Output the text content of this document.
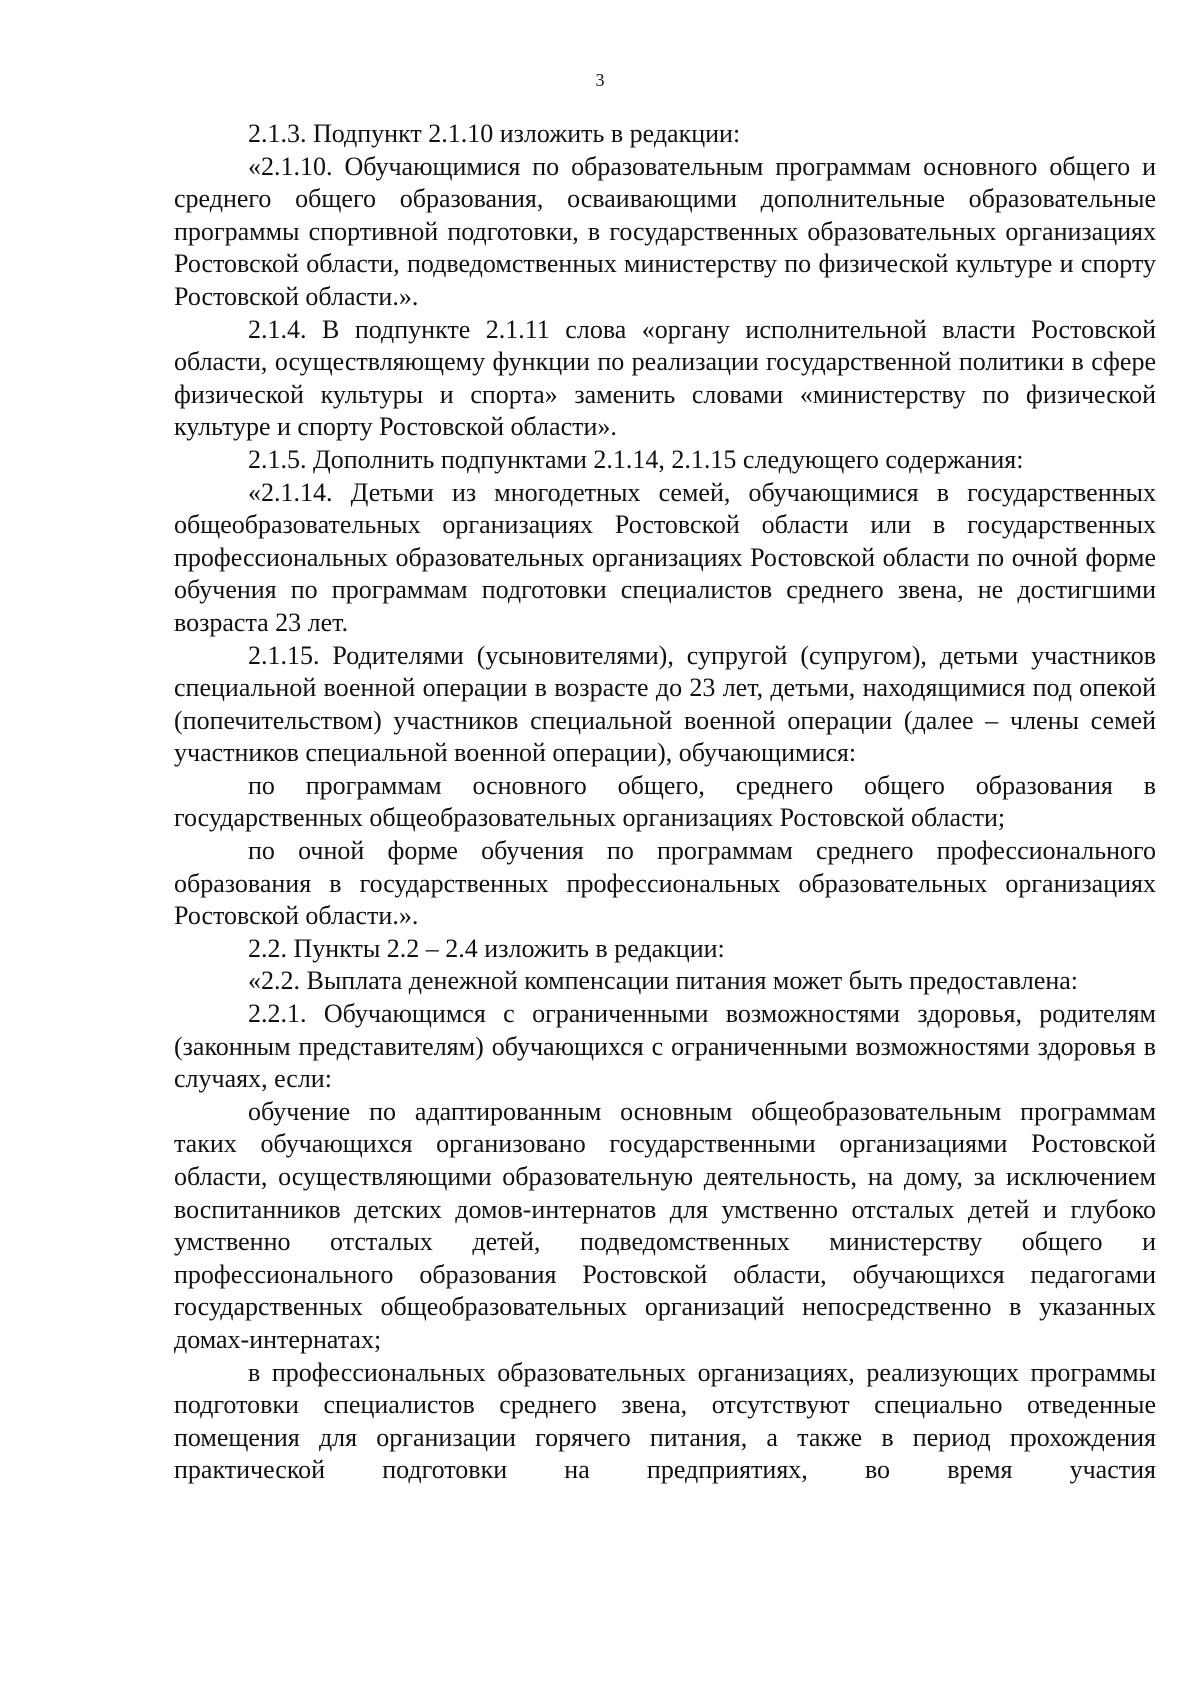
3

2.1.3. Подпункт 2.1.10 изложить в редакции:

«2.1.10. Обучающимися по образовательным программам основного общего и среднего общего образования, осваивающими дополнительные образовательные программы спортивной подготовки, в государственных образовательных организациях Ростовской области, подведомственных министерству по физической культуре и спорту Ростовской области.».

2.1.4. В подпункте 2.1.11 слова «органу исполнительной власти Ростовской области, осуществляющему функции по реализации государственной политики в сфере физической культуры и спорта» заменить словами «министерству по физической культуре и спорту Ростовской области».

2.1.5. Дополнить подпунктами 2.1.14, 2.1.15 следующего содержания:

«2.1.14. Детьми из многодетных семей, обучающимися в государственных общеобразовательных организациях Ростовской области или в государственных профессиональных образовательных организациях Ростовской области по очной форме обучения по программам подготовки специалистов среднего звена, не достигшими возраста 23 лет.

2.1.15. Родителями (усыновителями), супругой (супругом), детьми участников специальной военной операции в возрасте до 23 лет, детьми, находящимися под опекой (попечительством) участников специальной военной операции (далее – члены семей участников специальной военной операции), обучающимися:

по программам основного общего, среднего общего образования в государственных общеобразовательных организациях Ростовской области;

по очной форме обучения по программам среднего профессионального образования в государственных профессиональных образовательных организациях Ростовской области.».

2.2. Пункты 2.2 – 2.4 изложить в редакции:

«2.2. Выплата денежной компенсации питания может быть предоставлена:

2.2.1. Обучающимся с ограниченными возможностями здоровья, родителям (законным представителям) обучающихся с ограниченными возможностями здоровья в случаях, если:

обучение по адаптированным основным общеобразовательным программам таких обучающихся организовано государственными организациями Ростовской области, осуществляющими образовательную деятельность, на дому, за исключением воспитанников детских домов-интернатов для умственно отсталых детей и глубоко умственно отсталых детей, подведомственных министерству общего и профессионального образования Ростовской области, обучающихся педагогами государственных общеобразовательных организаций непосредственно в указанных домах-интернатах;

в профессиональных образовательных организациях, реализующих программы подготовки специалистов среднего звена, отсутствуют специально отведенные помещения для организации горячего питания, а также в период прохождения практической подготовки на предприятиях, во время участия
